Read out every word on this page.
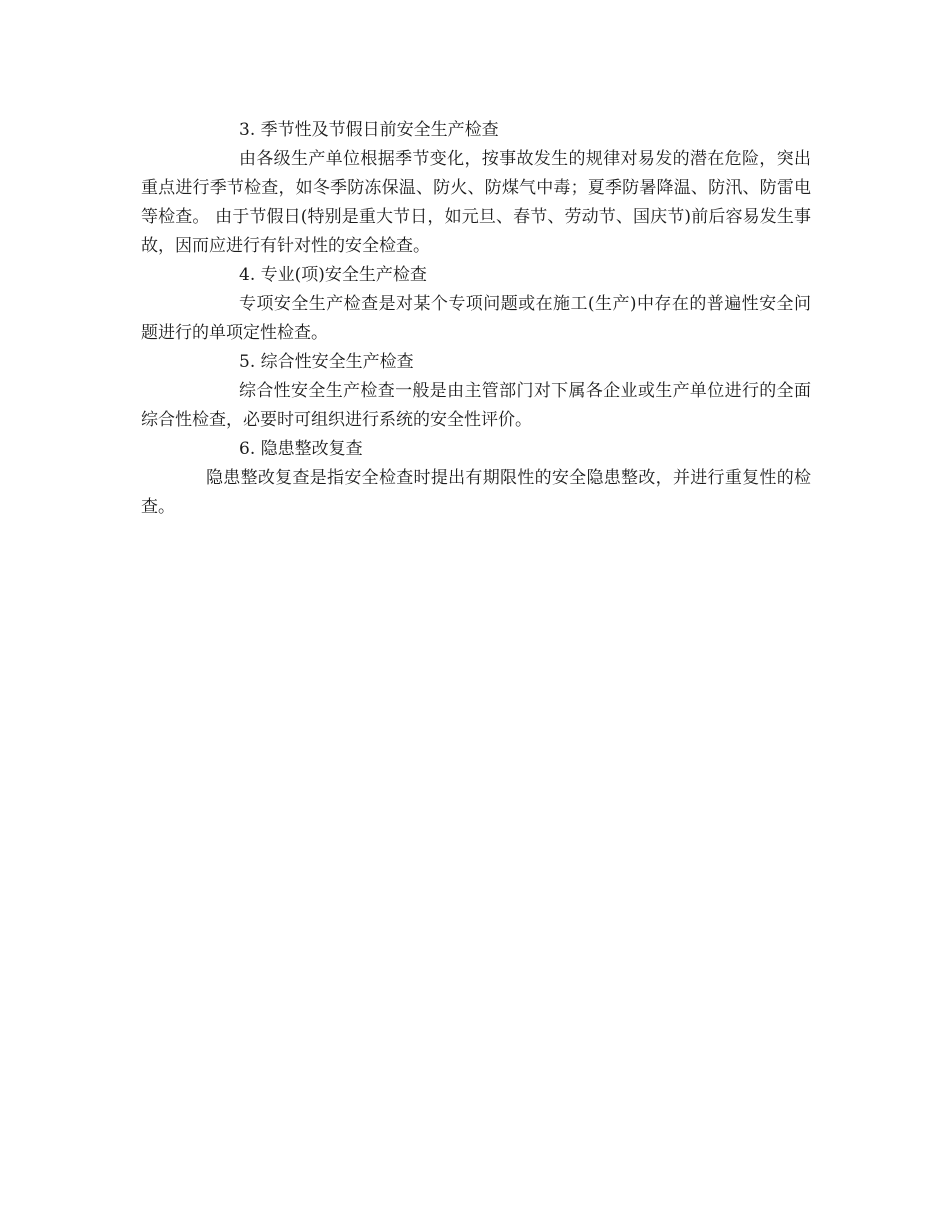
3. 季节性及节假日前安全生产检查

由各级生产单位根据季节变化，按事故发生的规律对易发的潜在危险，突出重点进行季节检查，如冬季防冻保温、防火、防煤气中毒；夏季防暑降温、防汛、防雷电等检查。 由于节假日(特别是重大节日，如元旦、春节、劳动节、国庆节)前后容易发生事故，因而应进行有针对性的安全检查。

4. 专业(项)安全生产检查

专项安全生产检查是对某个专项问题或在施工(生产)中存在的普遍性安全问题进行的单项定性检查。

5. 综合性安全生产检查

综合性安全生产检查一般是由主管部门对下属各企业或生产单位进行的全面综合性检查，必要时可组织进行系统的安全性评价。

6. 隐患整改复查

隐患整改复查是指安全检查时提出有期限性的安全隐患整改，并进行重复性的检查。
